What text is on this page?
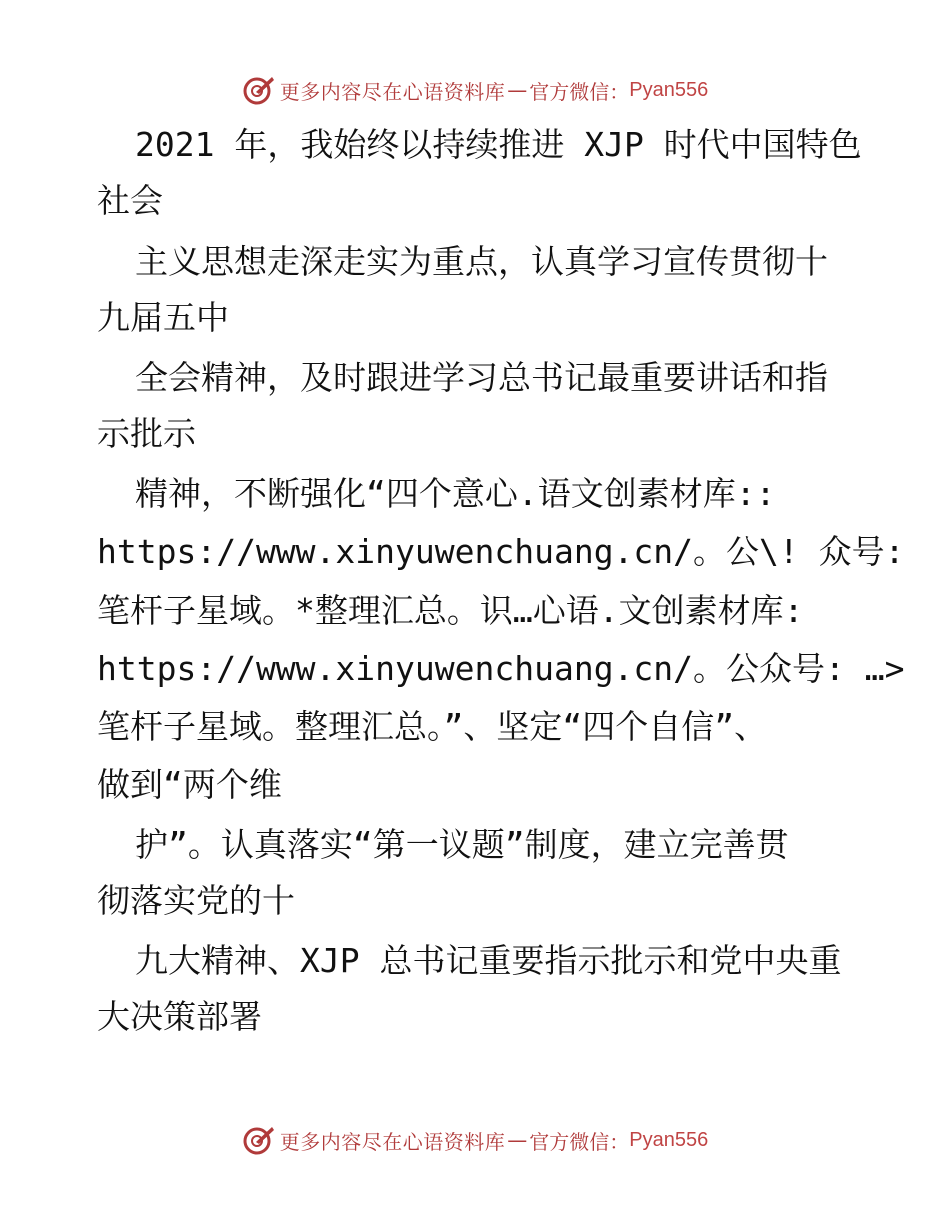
更多内容尽在心语资料库 — 官方微信： Pyan556
2021 年，我始终以持续推进 XJP 时代中国特色
社会
主义思想走深走实为重点，认真学习宣传贯彻十
九届五中
全会精神，及时跟进学习总书记最重要讲话和指
示批示
精神，不断强化“四个意心.语文创素材库::
https://www.xinyuwenchuang.cn/。公\! 众号:
笔杆子星域。*整理汇总。识…心语.文创素材库:
https://www.xinyuwenchuang.cn/。公众号: …>
笔杆子星域。整理汇总。”、坚定“四个自信”、
做到“两个维
护”。认真落实“第一议题”制度，建立完善贯
彻落实党的十
九大精神、XJP 总书记重要指示批示和党中央重
大决策部署
更多内容尽在心语资料库 — 官方微信： Pyan556
